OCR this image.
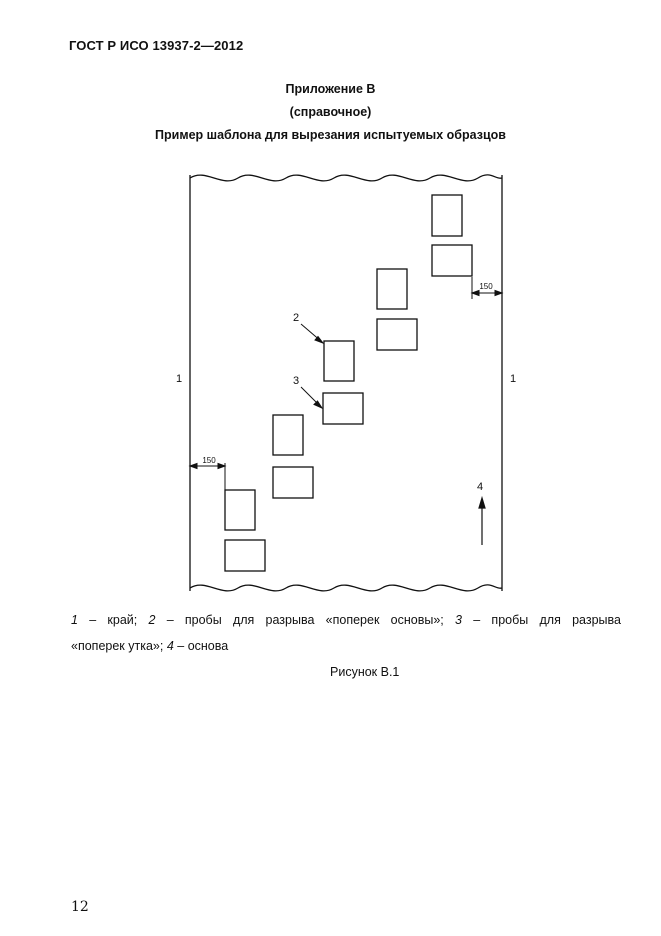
ГОСТ Р ИСО 13937-2—2012
Приложение В
(справочное)
Пример шаблона для вырезания испытуемых образцов
150
150
2
3
1	1
4
1 – край; 2 – пробы для разрыва «поперек основы»; 3 – пробы для разрыва
«поперек утка»; 4 – основа
Рисунок В.1
12
